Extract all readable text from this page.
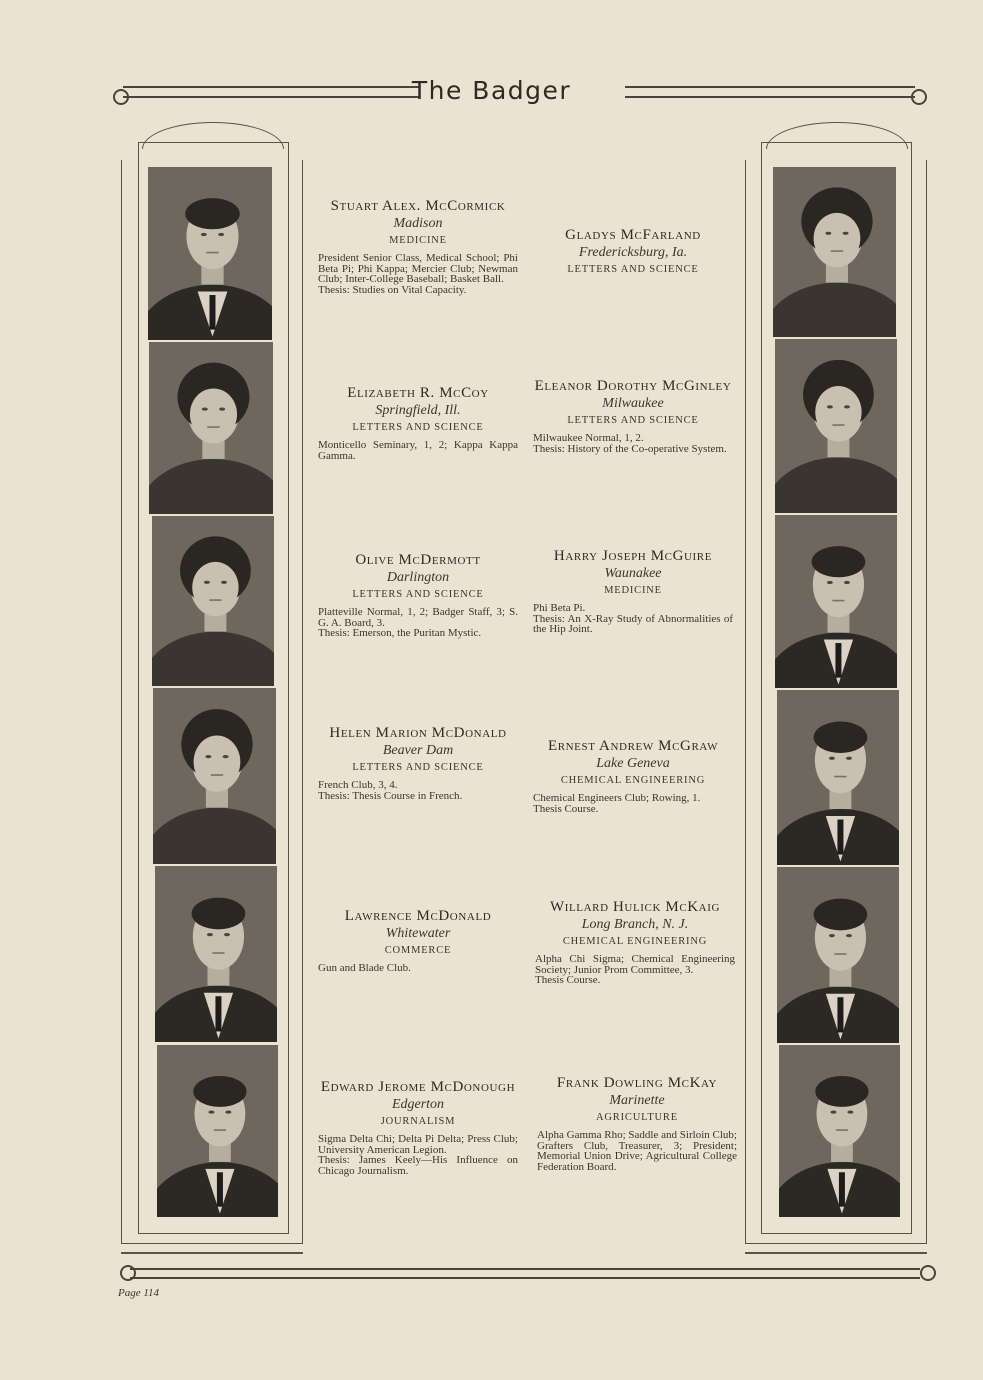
The Badger
Stuart Alex. McCormick
Madison
MEDICINE
President Senior Class, Medical School; Phi Beta Pi; Phi Kappa; Mercier Club; Newman Club; Inter-College Baseball; Basket Ball.
Thesis: Studies on Vital Capacity.
Elizabeth R. McCoy
Springfield, Ill.
LETTERS AND SCIENCE
Monticello Seminary, 1, 2; Kappa Kappa Gamma.
Olive McDermott
Darlington
LETTERS AND SCIENCE
Platteville Normal, 1, 2; Badger Staff, 3; S. G. A. Board, 3.
Thesis: Emerson, the Puritan Mystic.
Helen Marion McDonald
Beaver Dam
LETTERS AND SCIENCE
French Club, 3, 4.
Thesis: Thesis Course in French.
Lawrence McDonald
Whitewater
COMMERCE
Gun and Blade Club.
Edward Jerome McDonough
Edgerton
JOURNALISM
Sigma Delta Chi; Delta Pi Delta; Press Club; University American Legion.
Thesis: James Keely—His Influence on Chicago Journalism.
Gladys McFarland
Fredericksburg, Ia.
LETTERS AND SCIENCE
Eleanor Dorothy McGinley
Milwaukee
LETTERS AND SCIENCE
Milwaukee Normal, 1, 2.
Thesis: History of the Co-operative System.
Harry Joseph McGuire
Waunakee
MEDICINE
Phi Beta Pi.
Thesis: An X-Ray Study of Abnormalities of the Hip Joint.
Ernest Andrew McGraw
Lake Geneva
CHEMICAL ENGINEERING
Chemical Engineers Club; Rowing, 1.
Thesis Course.
Willard Hulick McKaig
Long Branch, N. J.
CHEMICAL ENGINEERING
Alpha Chi Sigma; Chemical Engineering Society; Junior Prom Committee, 3.
Thesis Course.
Frank Dowling McKay
Marinette
AGRICULTURE
Alpha Gamma Rho; Saddle and Sirloin Club; Grafters Club, Treasurer, 3; President; Memorial Union Drive; Agricultural College Federation Board.
Page 114
